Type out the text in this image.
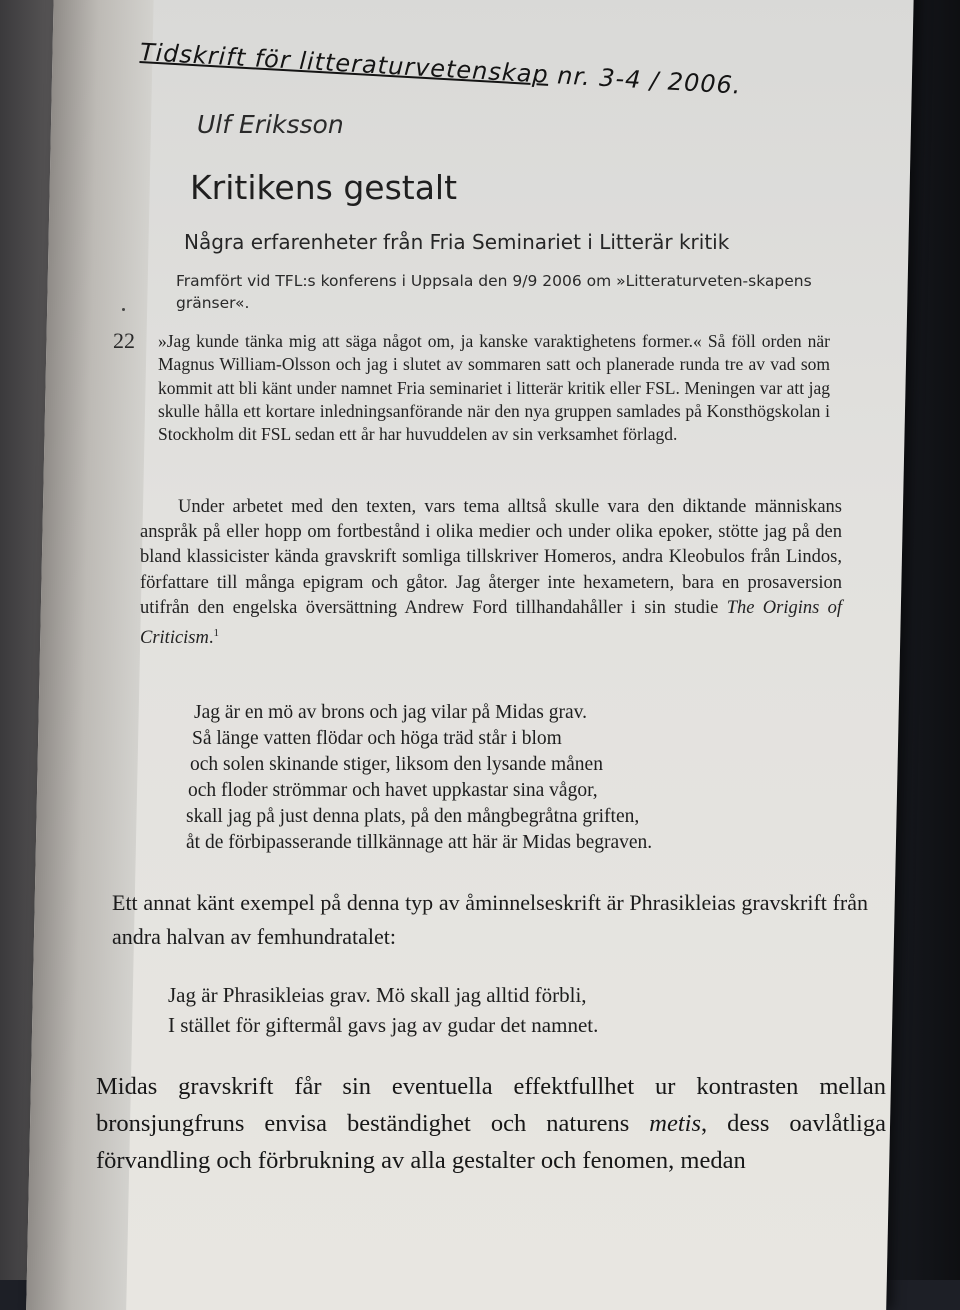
Tidskrift för litteraturvetenskap nr. 3-4 / 2006.
Ulf Eriksson
Kritikens gestalt
Några erfarenheter från Fria Seminariet i Litterär kritik
Framfört vid TFL:s konferens i Uppsala den 9/9 2006 om »Litteraturveten-skapens gränser«.
22 »Jag kunde tänka mig att säga något om, ja kanske varaktighetens former.« Så föll orden när Magnus William-Olsson och jag i slutet av sommaren satt och planerade runda tre av vad som kommit att bli känt under namnet Fria seminariet i litterär kritik eller FSL. Meningen var att jag skulle hålla ett kortare inledningsanförande när den nya gruppen samlades på Konsthögskolan i Stockholm dit FSL sedan ett år har huvuddelen av sin verksamhet förlagd.
Under arbetet med den texten, vars tema alltså skulle vara den diktande människans anspråk på eller hopp om fortbestånd i olika medier och under olika epoker, stötte jag på den bland klassicister kända gravskrift somliga tillskriver Homeros, andra Kleobulos från Lindos, författare till många epigram och gåtor. Jag återger inte hexametern, bara en prosaversion utifrån den engelska översättning Andrew Ford tillhandahåller i sin studie The Origins of Criticism.$^1$
Jag är en mö av brons och jag vilar på Midas grav.
Så länge vatten flödar och höga träd står i blom
och solen skinande stiger, liksom den lysande månen
och floder strömmar och havet uppkastar sina vågor,
skall jag på just denna plats, på den mångbegråtna griften,
åt de förbipasserande tillkännage att här är Midas begraven.
Ett annat känt exempel på denna typ av åminnelseskrift är Phrasikleias gravskrift från andra halvan av femhundratalet:
Jag är Phrasikleias grav. Mö skall jag alltid förbli,
I stället för giftermål gavs jag av gudar det namnet.
Midas gravskrift får sin eventuella effektfullhet ur kontrasten mellan bronsjungfruns envisa beständighet och naturens metis, dess oavlåtliga förvandling och förbrukning av alla gestalter och fenomen, medan
